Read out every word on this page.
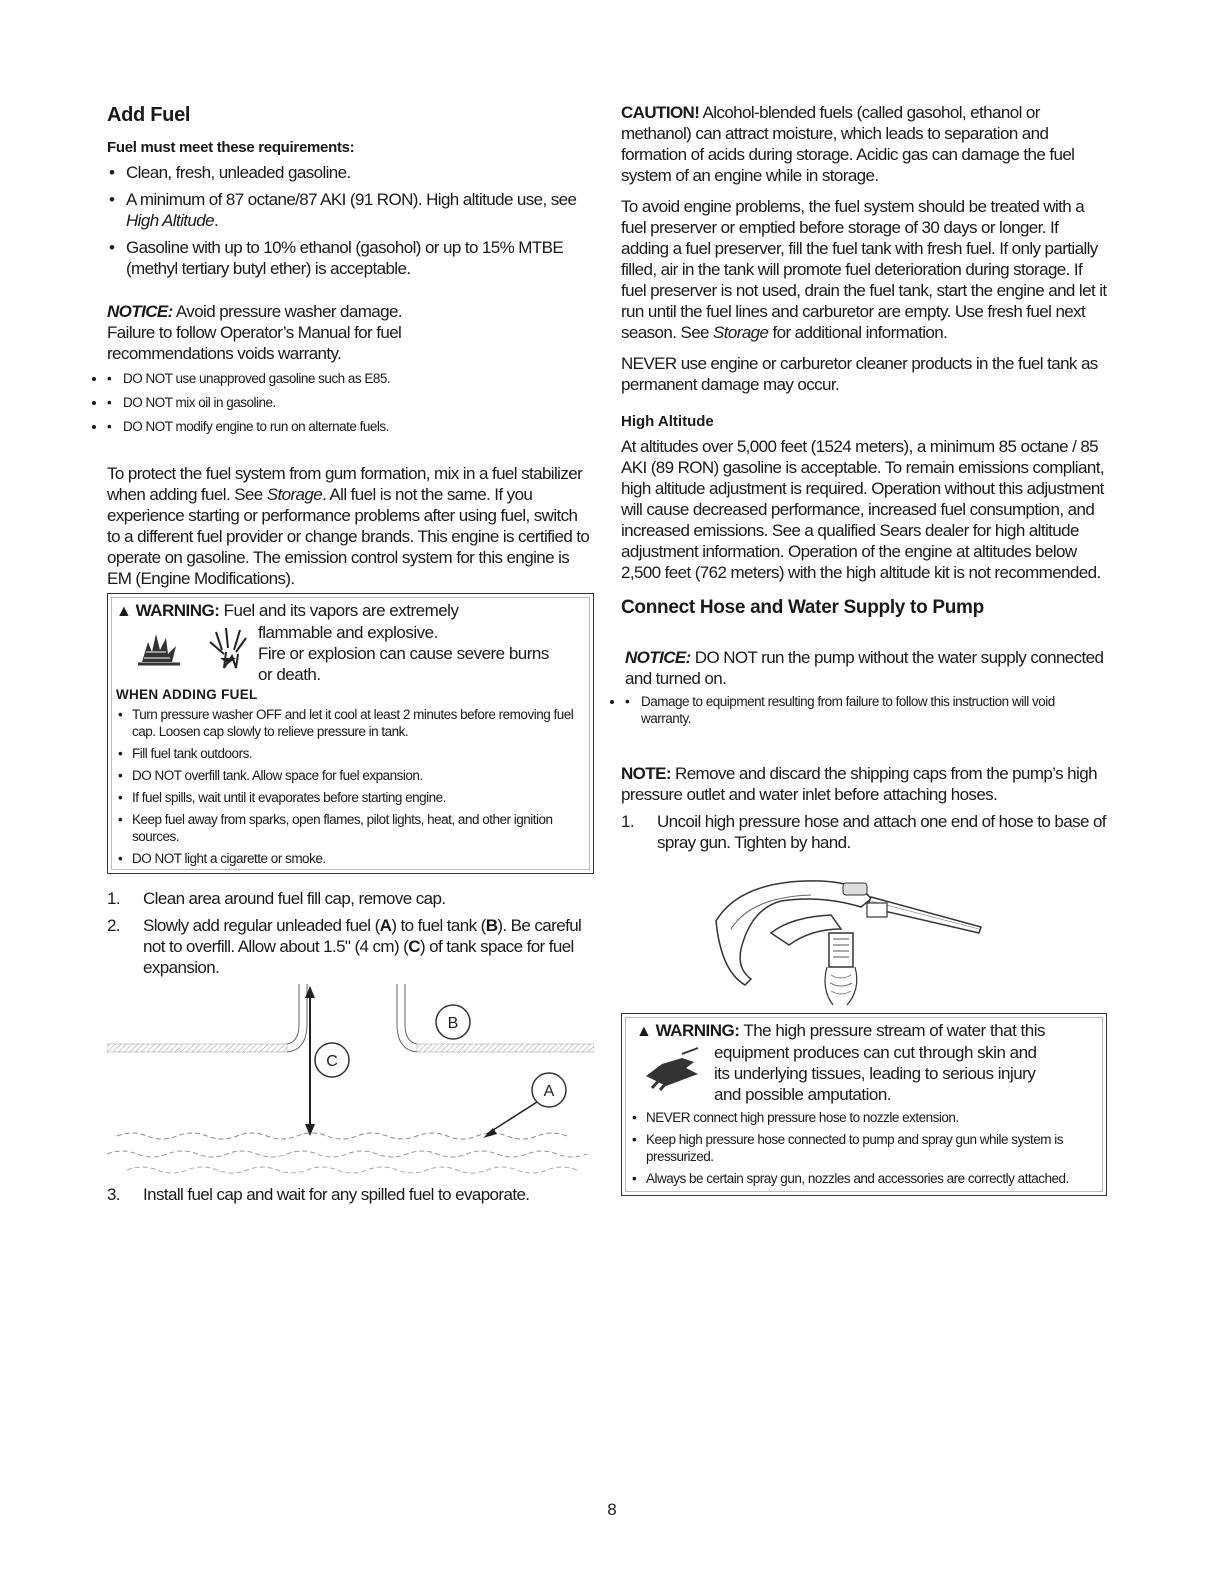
Add Fuel
Fuel must meet these requirements:
• Clean, fresh, unleaded gasoline.
• A minimum of 87 octane/87 AKI (91 RON). High altitude use, see High Altitude.
• Gasoline with up to 10% ethanol (gasohol) or up to 15% MTBE (methyl tertiary butyl ether) is acceptable.

NOTICE: Avoid pressure washer damage.

Failure to follow Operator’s Manual for fuel recommendations voids warranty.

• • DO NOT use unapproved gasoline such as E85.
• • DO NOT mix oil in gasoline.
• • DO NOT modify engine to run on alternate fuels.

To protect the fuel system from gum formation, mix in a fuel stabilizer when adding fuel. See Storage. All fuel is not the same. If you experience starting or performance problems after using fuel, switch to a different fuel provider or change brands. This engine is certified to operate on gasoline. The emission control system for this engine is EM (Engine Modifications).

▲ WARNING: Fuel and its vapors are extremely
flammable and explosive.
Fire or explosion can cause severe burns
or death.
WHEN ADDING FUEL
• Turn pressure washer OFF and let it cool at least 2 minutes before removing fuel cap. Loosen cap slowly to relieve pressure in tank.
• Fill fuel tank outdoors.
• DO NOT overfill tank. Allow space for fuel expansion.
• If fuel spills, wait until it evaporates before starting engine.
• Keep fuel away from sparks, open flames, pilot lights, heat, and other ignition sources.
• DO NOT light a cigarette or smoke.
1. Clean area around fuel fill cap, remove cap.
2. Slowly add regular unleaded fuel (A) to fuel tank (B). Be careful not to overfill. Allow about 1.5" (4 cm) (C) of tank space for fuel expansion.
B
C
A
3. Install fuel cap and wait for any spilled fuel to evaporate.

CAUTION! Alcohol-blended fuels (called gasohol, ethanol or methanol) can attract moisture, which leads to separation and formation of acids during storage. Acidic gas can damage the fuel system of an engine while in storage.

To avoid engine problems, the fuel system should be treated with a fuel preserver or emptied before storage of 30 days or longer. If adding a fuel preserver, fill the fuel tank with fresh fuel. If only partially filled, air in the tank will promote fuel deterioration during storage. If fuel preserver is not used, drain the fuel tank, start the engine and let it run until the fuel lines and carburetor are empty. Use fresh fuel next season. See Storage for additional information.

NEVER use engine or carburetor cleaner products in the fuel tank as permanent damage may occur.

High Altitude

At altitudes over 5,000 feet (1524 meters), a minimum 85 octane / 85 AKI (89 RON) gasoline is acceptable. To remain emissions compliant, high altitude adjustment is required. Operation without this adjustment will cause decreased performance, increased fuel consumption, and increased emissions. See a qualified Sears dealer for high altitude adjustment information. Operation of the engine at altitudes below 2,500 feet (762 meters) with the high altitude kit is not recommended.

Connect Hose and Water Supply to Pump

NOTICE: DO NOT run the pump without the water supply connected and turned on.

• • Damage to equipment resulting from failure to follow this instruction will void warranty.

NOTE: Remove and discard the shipping caps from the pump’s high pressure outlet and water inlet before attaching hoses.

1. Uncoil high pressure hose and attach one end of hose to base of spray gun. Tighten by hand.
▲ WARNING: The high pressure stream of water that this
equipment produces can cut through skin and
its underlying tissues, leading to serious injury
and possible amputation.
• NEVER connect high pressure hose to nozzle extension.
• Keep high pressure hose connected to pump and spray gun while system is pressurized.
• Always be certain spray gun, nozzles and accessories are correctly attached.
8
